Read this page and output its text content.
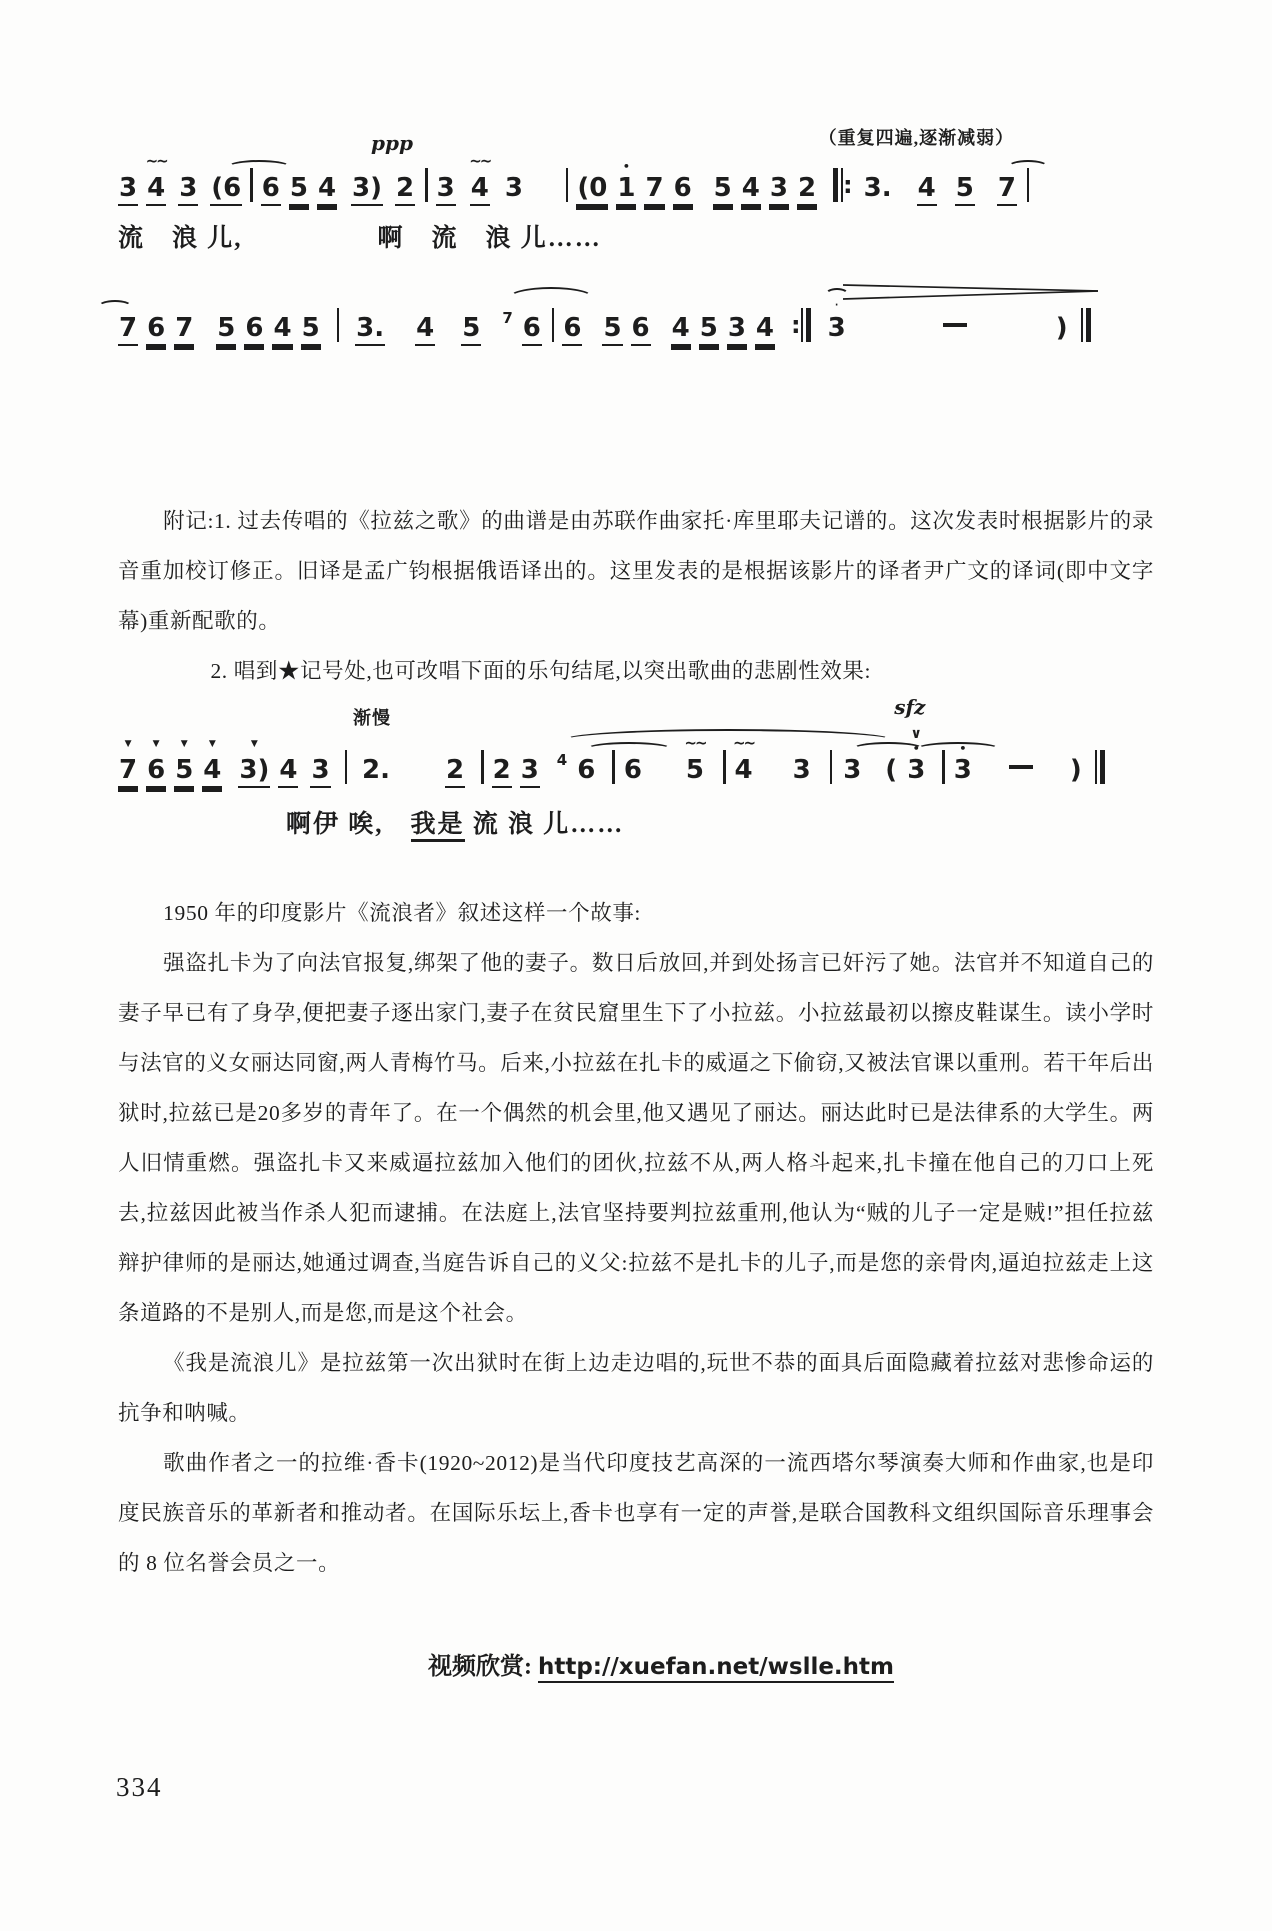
3 4
~~
3 (6 6 5 4 3) 2
ppp
3 4
~~
3 (0 1 • 7 6 5 4 3 2 : 3.
（重复四遍,逐渐减弱）
4 5 7
流　浪 儿,　　　　　啊　流　浪 儿……
7 6 7 5 6 4 5 3. 4 5 7 6 6 5 6 4 5 3 4 : 3
·
)

附记:1. 过去传唱的《拉兹之歌》的曲谱是由苏联作曲家托·库里耶夫记谱的。这次发表时根据影片的录音重加校订修正。旧译是孟广钧根据俄语译出的。这里发表的是根据该影片的译者尹广文的译词(即中文字幕)重新配歌的。

2. 唱到★记号处,也可改唱下面的乐句结尾,以突出歌曲的悲剧性效果:

7
▼
6
▼
5
▼
4
▼
3)
▼
4 3 2.
渐慢
2 2 3 4 6 6 5
~~
4
~~
3 3 ( 3 •
∨
sfz
3 •	)
啊伊 唉,　我是 流 浪 儿……

1950 年的印度影片《流浪者》叙述这样一个故事:

强盗扎卡为了向法官报复,绑架了他的妻子。数日后放回,并到处扬言已奸污了她。法官并不知道自己的妻子早已有了身孕,便把妻子逐出家门,妻子在贫民窟里生下了小拉兹。小拉兹最初以擦皮鞋谋生。读小学时与法官的义女丽达同窗,两人青梅竹马。后来,小拉兹在扎卡的威逼之下偷窃,又被法官课以重刑。若干年后出狱时,拉兹已是20多岁的青年了。在一个偶然的机会里,他又遇见了丽达。丽达此时已是法律系的大学生。两人旧情重燃。强盗扎卡又来威逼拉兹加入他们的团伙,拉兹不从,两人格斗起来,扎卡撞在他自己的刀口上死去,拉兹因此被当作杀人犯而逮捕。在法庭上,法官坚持要判拉兹重刑,他认为“贼的儿子一定是贼!”担任拉兹辩护律师的是丽达,她通过调查,当庭告诉自己的义父:拉兹不是扎卡的儿子,而是您的亲骨肉,逼迫拉兹走上这条道路的不是别人,而是您,而是这个社会。

《我是流浪儿》是拉兹第一次出狱时在街上边走边唱的,玩世不恭的面具后面隐藏着拉兹对悲惨命运的抗争和呐喊。

歌曲作者之一的拉维·香卡(1920~2012)是当代印度技艺高深的一流西塔尔琴演奏大师和作曲家,也是印度民族音乐的革新者和推动者。在国际乐坛上,香卡也享有一定的声誉,是联合国教科文组织国际音乐理事会的 8 位名誉会员之一。

视频欣赏: http://xuefan.net/wslle.htm
334
